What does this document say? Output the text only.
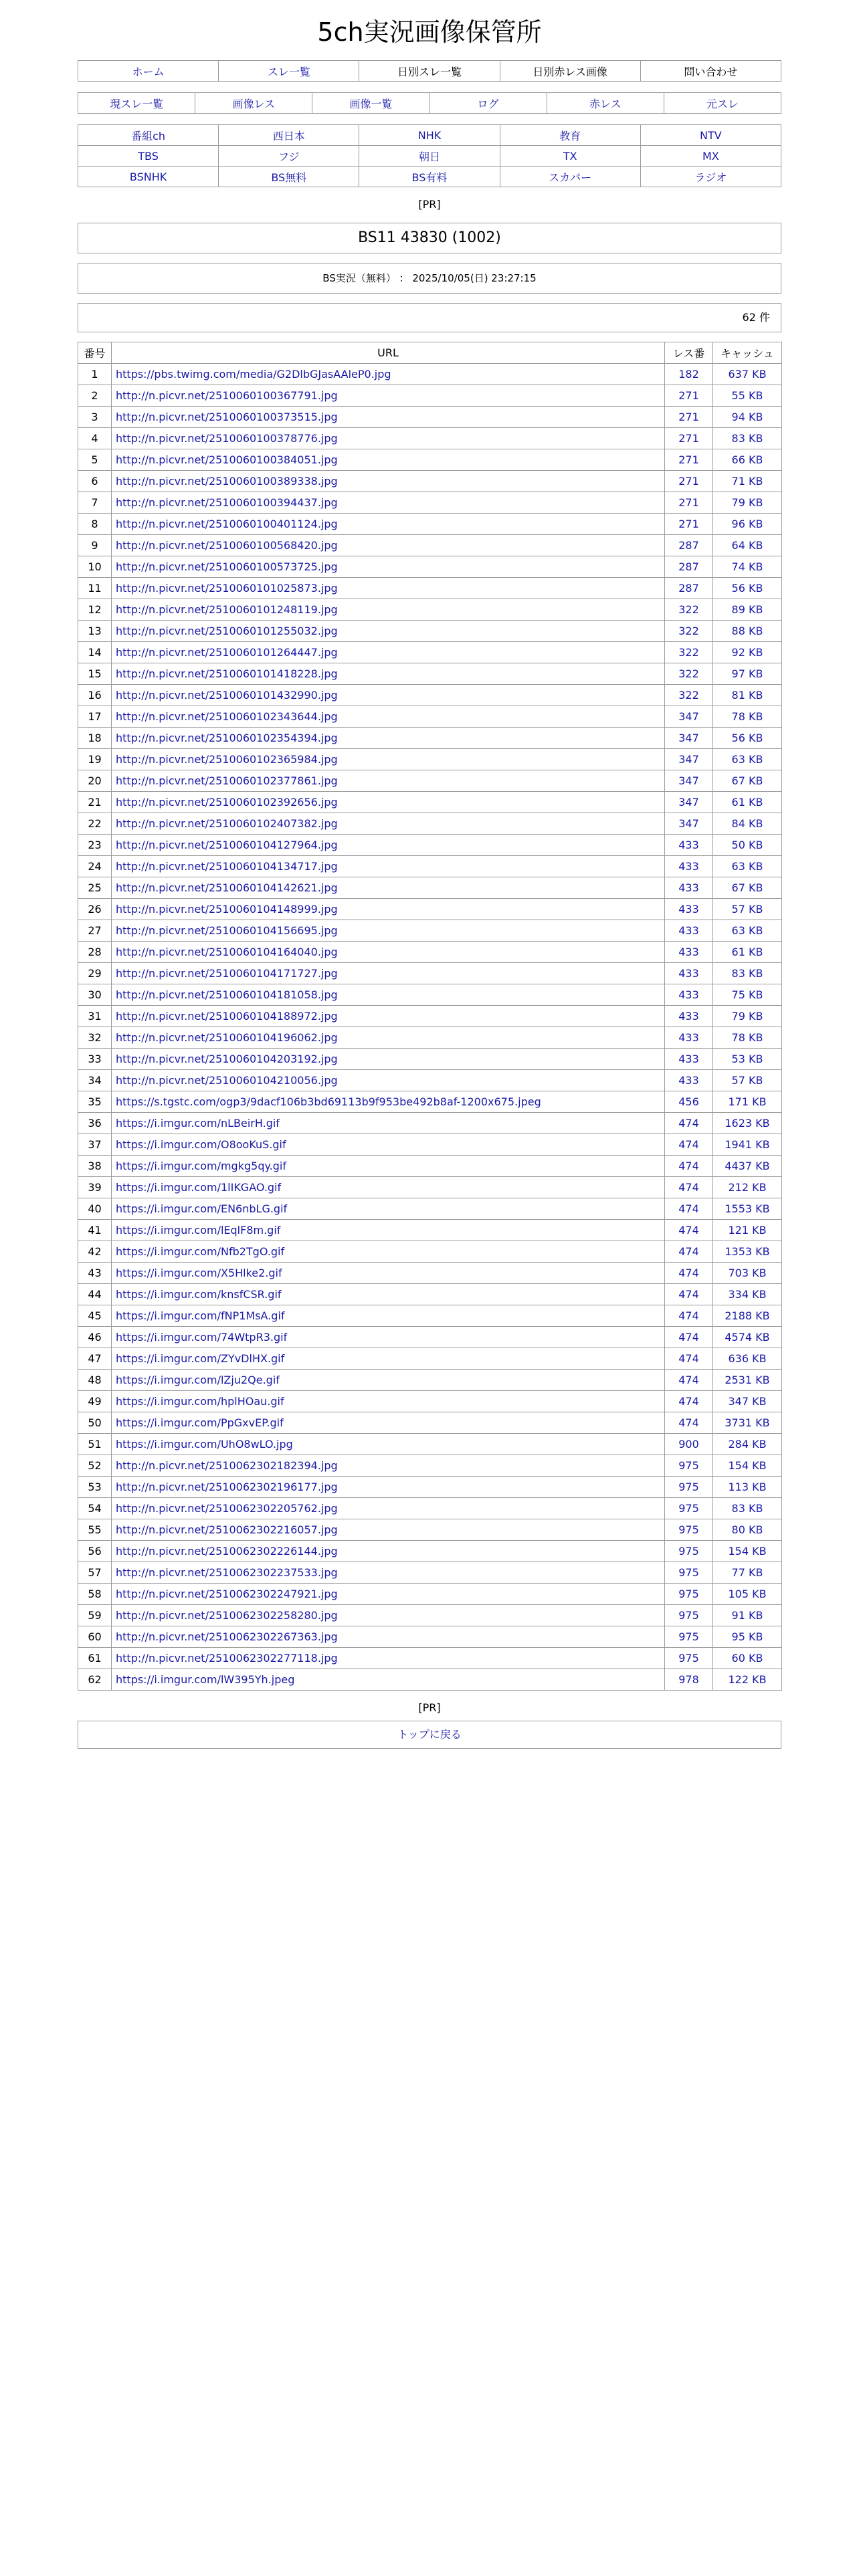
5ch実況画像保管所
ホーム	スレ一覧	日別スレ一覧	日別赤レス画像	問い合わせ
現スレ一覧	画像レス	画像一覧	ログ	赤レス	元スレ
番組ch	西日本	NHK	教育	NTV
TBS	フジ	朝日	TX	MX
BSNHK	BS無料	BS有料	スカパー	ラジオ
[PR]
BS11 43830 (1002)
BS実況（無料） ： 2025/10/05(日) 23:27:15
62 件
番号	URL	レス番	キャッシュ
1	https://pbs.twimg.com/media/G2DlbGJasAAleP0.jpg	182	637 KB
2	http://n.picvr.net/2510060100367791.jpg	271	55 KB
3	http://n.picvr.net/2510060100373515.jpg	271	94 KB
4	http://n.picvr.net/2510060100378776.jpg	271	83 KB
5	http://n.picvr.net/2510060100384051.jpg	271	66 KB
6	http://n.picvr.net/2510060100389338.jpg	271	71 KB
7	http://n.picvr.net/2510060100394437.jpg	271	79 KB
8	http://n.picvr.net/2510060100401124.jpg	271	96 KB
9	http://n.picvr.net/2510060100568420.jpg	287	64 KB
10	http://n.picvr.net/2510060100573725.jpg	287	74 KB
11	http://n.picvr.net/2510060101025873.jpg	287	56 KB
12	http://n.picvr.net/2510060101248119.jpg	322	89 KB
13	http://n.picvr.net/2510060101255032.jpg	322	88 KB
14	http://n.picvr.net/2510060101264447.jpg	322	92 KB
15	http://n.picvr.net/2510060101418228.jpg	322	97 KB
16	http://n.picvr.net/2510060101432990.jpg	322	81 KB
17	http://n.picvr.net/2510060102343644.jpg	347	78 KB
18	http://n.picvr.net/2510060102354394.jpg	347	56 KB
19	http://n.picvr.net/2510060102365984.jpg	347	63 KB
20	http://n.picvr.net/2510060102377861.jpg	347	67 KB
21	http://n.picvr.net/2510060102392656.jpg	347	61 KB
22	http://n.picvr.net/2510060102407382.jpg	347	84 KB
23	http://n.picvr.net/2510060104127964.jpg	433	50 KB
24	http://n.picvr.net/2510060104134717.jpg	433	63 KB
25	http://n.picvr.net/2510060104142621.jpg	433	67 KB
26	http://n.picvr.net/2510060104148999.jpg	433	57 KB
27	http://n.picvr.net/2510060104156695.jpg	433	63 KB
28	http://n.picvr.net/2510060104164040.jpg	433	61 KB
29	http://n.picvr.net/2510060104171727.jpg	433	83 KB
30	http://n.picvr.net/2510060104181058.jpg	433	75 KB
31	http://n.picvr.net/2510060104188972.jpg	433	79 KB
32	http://n.picvr.net/2510060104196062.jpg	433	78 KB
33	http://n.picvr.net/2510060104203192.jpg	433	53 KB
34	http://n.picvr.net/2510060104210056.jpg	433	57 KB
35	https://s.tgstc.com/ogp3/9dacf106b3bd69113b9f953be492b8af-1200x675.jpeg	456	171 KB
36	https://i.imgur.com/nLBeirH.gif	474	1623 KB
37	https://i.imgur.com/O8ooKuS.gif	474	1941 KB
38	https://i.imgur.com/mgkg5qy.gif	474	4437 KB
39	https://i.imgur.com/1lIKGAO.gif	474	212 KB
40	https://i.imgur.com/EN6nbLG.gif	474	1553 KB
41	https://i.imgur.com/lEqlF8m.gif	474	121 KB
42	https://i.imgur.com/Nfb2TgO.gif	474	1353 KB
43	https://i.imgur.com/X5Hlke2.gif	474	703 KB
44	https://i.imgur.com/knsfCSR.gif	474	334 KB
45	https://i.imgur.com/fNP1MsA.gif	474	2188 KB
46	https://i.imgur.com/74WtpR3.gif	474	4574 KB
47	https://i.imgur.com/ZYvDlHX.gif	474	636 KB
48	https://i.imgur.com/lZju2Qe.gif	474	2531 KB
49	https://i.imgur.com/hplHOau.gif	474	347 KB
50	https://i.imgur.com/PpGxvEP.gif	474	3731 KB
51	https://i.imgur.com/UhO8wLO.jpg	900	284 KB
52	http://n.picvr.net/2510062302182394.jpg	975	154 KB
53	http://n.picvr.net/2510062302196177.jpg	975	113 KB
54	http://n.picvr.net/2510062302205762.jpg	975	83 KB
55	http://n.picvr.net/2510062302216057.jpg	975	80 KB
56	http://n.picvr.net/2510062302226144.jpg	975	154 KB
57	http://n.picvr.net/2510062302237533.jpg	975	77 KB
58	http://n.picvr.net/2510062302247921.jpg	975	105 KB
59	http://n.picvr.net/2510062302258280.jpg	975	91 KB
60	http://n.picvr.net/2510062302267363.jpg	975	95 KB
61	http://n.picvr.net/2510062302277118.jpg	975	60 KB
62	https://i.imgur.com/lW395Yh.jpeg	978	122 KB
[PR]
トップに戻る
